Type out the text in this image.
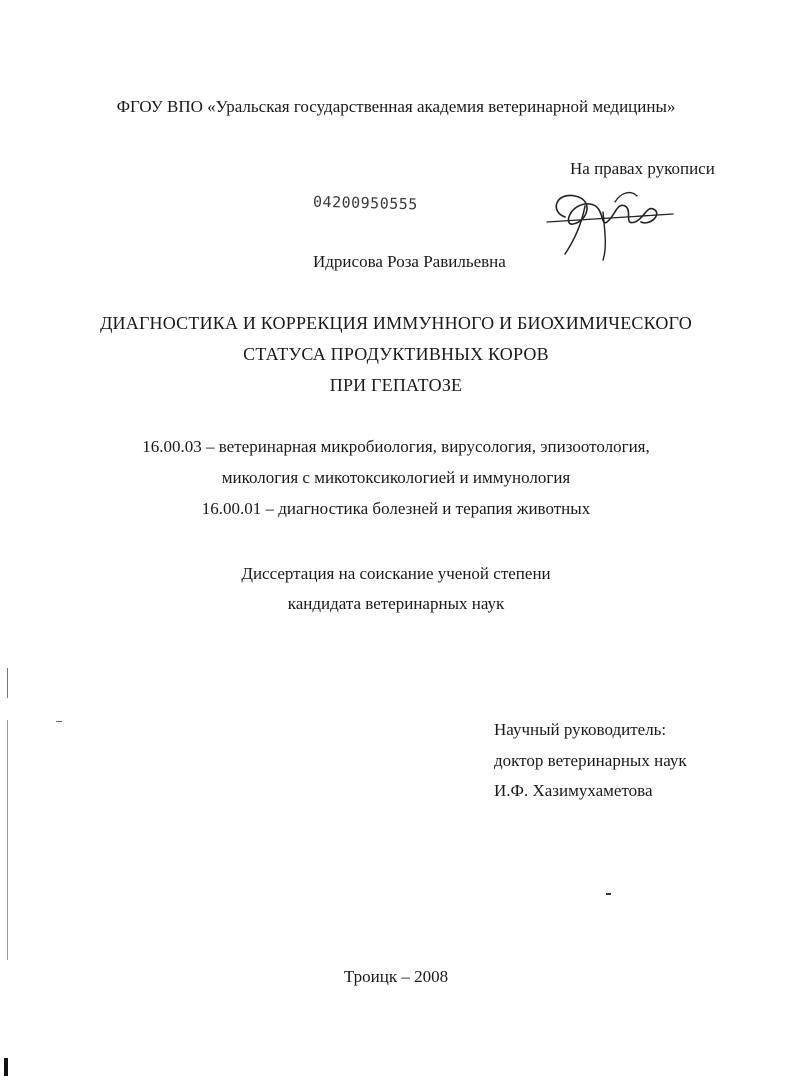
ФГОУ ВПО «Уральская государственная академия ветеринарной медицины»
На правах рукописи
04200950555
Идрисова Роза Равильевна
ДИАГНОСТИКА И КОРРЕКЦИЯ ИММУННОГО И БИОХИМИЧЕСКОГО
СТАТУСА ПРОДУКТИВНЫХ КОРОВ
ПРИ ГЕПАТОЗЕ
16.00.03 – ветеринарная микробиология, вирусология, эпизоотология,
микология с микотоксикологией и иммунология
16.00.01 – диагностика болезней и терапия животных
Диссертация на соискание ученой степени
кандидата ветеринарных наук
Научный руководитель:
доктор ветеринарных наук
И.Ф. Хазимухаметова
Троицк – 2008
